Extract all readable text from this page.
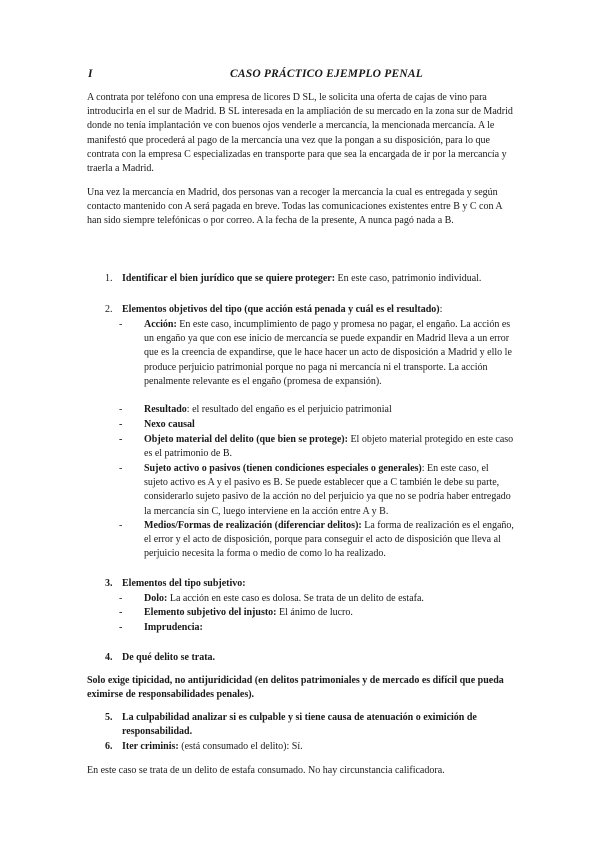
I	CASO PRÁCTICO EJEMPLO PENAL

A contrata por teléfono con una empresa de licores D SL, le solicita una oferta de cajas de vino para introducirla en el sur de Madrid. B SL interesada en la ampliación de su mercado en la zona sur de Madrid donde no tenía implantación ve con buenos ojos venderle a mercancía, la mencionada mercancía. A le manifestó que procederá al pago de la mercancía una vez que la pongan a su disposición, para lo que contrata con la empresa C especializadas en transporte para que sea la encargada de ir por la mercancía y traerla a Madrid.

Una vez la mercancía en Madrid, dos personas van a recoger la mercancía la cual es entregada y según contacto mantenido con A será pagada en breve. Todas las comunicaciones existentes entre B y C con A han sido siempre telefónicas o por correo. A la fecha de la presente, A nunca pagó nada a B.

1. Identificar el bien jurídico que se quiere proteger: En este caso, patrimonio individual.
2. Elementos objetivos del tipo (que acción está penada y cuál es el resultado):
-	Acción: En este caso, incumplimiento de pago y promesa no pagar, el engaño. La acción es un engaño ya que con ese inicio de mercancía se puede expandir en Madrid lleva a un error que es la creencia de expandirse, que le hace hacer un acto de disposición a Madrid y ello le produce perjuicio patrimonial porque no paga ni mercancía ni el transporte. La acción penalmente relevante es el engaño (promesa de expansión).
-	Resultado: el resultado del engaño es el perjuicio patrimonial
-	Nexo causal
-	Objeto material del delito (que bien se protege): El objeto material protegido en este caso es el patrimonio de B.
-	Sujeto activo o pasivos (tienen condiciones especiales o generales): En este caso, el sujeto activo es A y el pasivo es B. Se puede establecer que a C también le debe su parte, considerarlo sujeto pasivo de la acción no del perjuicio ya que no se podría haber entregado la mercancía sin C, luego interviene en la acción entre A y B.
-	Medios/Formas de realización (diferenciar delitos): La forma de realización es el engaño, el error y el acto de disposición, porque para conseguir el acto de disposición que lleva al perjuicio necesita la forma o medio de como lo ha realizado.
3. Elementos del tipo subjetivo:
-	Dolo: La acción en este caso es dolosa. Se trata de un delito de estafa.
-	Elemento subjetivo del injusto: El ánimo de lucro.
-	Imprudencia:
4. De qué delito se trata.

Solo exige tipicidad, no antijuridicidad (en delitos patrimoniales y de mercado es difícil que pueda eximirse de responsabilidades penales).

5. La culpabilidad analizar si es culpable y si tiene causa de atenuación o eximición de responsabilidad.
6. Iter criminis: (está consumado el delito): Sí.

En este caso se trata de un delito de estafa consumado. No hay circunstancia calificadora.
